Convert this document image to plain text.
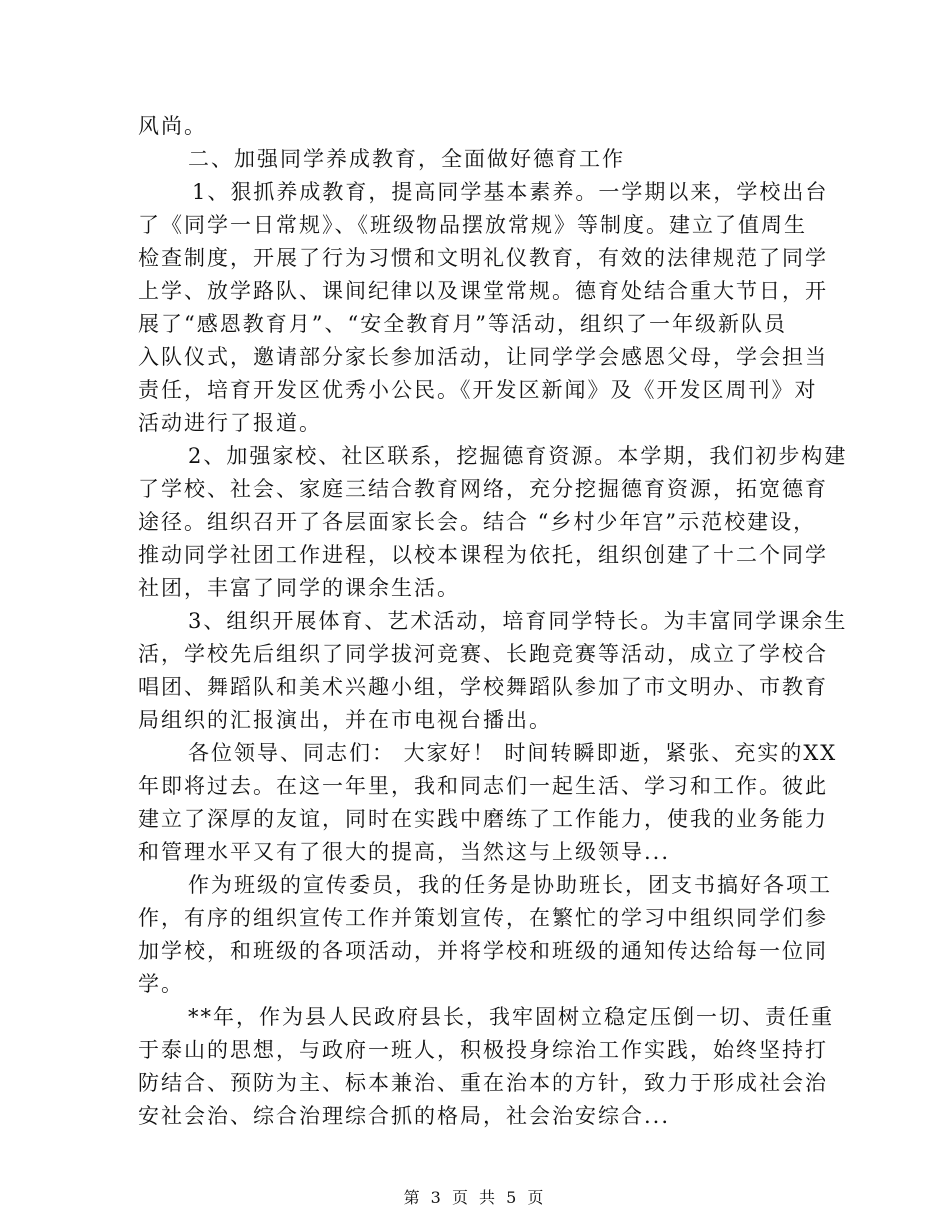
风尚。
二、加强同学养成教育，全面做好德育工作
1、狠抓养成教育，提高同学基本素养。一学期以来，学校出台
了《同学一日常规》、《班级物品摆放常规》等制度。建立了值周生
检查制度，开展了行为习惯和文明礼仪教育，有效的法律规范了同学
上学、放学路队、课间纪律以及课堂常规。德育处结合重大节日，开
展了“感恩教育月”、“安全教育月”等活动，组织了一年级新队员
入队仪式，邀请部分家长参加活动，让同学学会感恩父母，学会担当
责任，培育开发区优秀小公民。《开发区新闻》及《开发区周刊》对
活动进行了报道。
2、加强家校、社区联系，挖掘德育资源。本学期，我们初步构建
了学校、社会、家庭三结合教育网络，充分挖掘德育资源，拓宽德育
途径。组织召开了各层面家长会。结合 “乡村少年宫”示范校建设，
推动同学社团工作进程，以校本课程为依托，组织创建了十二个同学
社团，丰富了同学的课余生活。
3、组织开展体育、艺术活动，培育同学特长。为丰富同学课余生
活，学校先后组织了同学拔河竞赛、长跑竞赛等活动，成立了学校合
唱团、舞蹈队和美术兴趣小组，学校舞蹈队参加了市文明办、市教育
局组织的汇报演出，并在市电视台播出。
各位领导、同志们： 大家好！ 时间转瞬即逝，紧张、充实的XX
年即将过去。在这一年里，我和同志们一起生活、学习和工作。彼此
建立了深厚的友谊，同时在实践中磨练了工作能力，使我的业务能力
和管理水平又有了很大的提高，当然这与上级领导...
作为班级的宣传委员，我的任务是协助班长，团支书搞好各项工
作，有序的组织宣传工作并策划宣传，在繁忙的学习中组织同学们参
加学校，和班级的各项活动，并将学校和班级的通知传达给每一位同
学。
**年，作为县人民政府县长，我牢固树立稳定压倒一切、责任重
于泰山的思想，与政府一班人，积极投身综治工作实践，始终坚持打
防结合、预防为主、标本兼治、重在治本的方针，致力于形成社会治
安社会治、综合治理综合抓的格局，社会治安综合...
第 3 页 共 5 页
